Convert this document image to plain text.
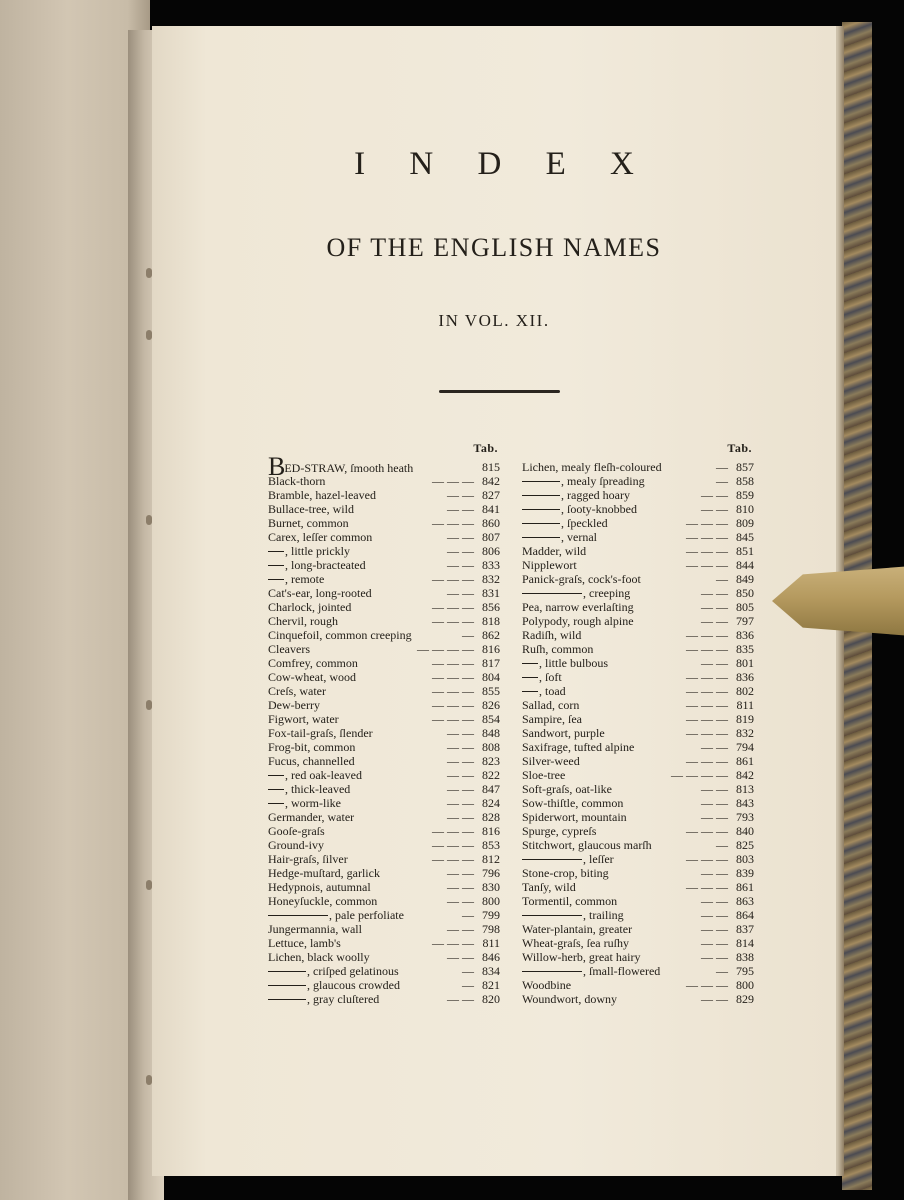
I N D E X
OF THE ENGLISH NAMES
IN VOL. XII.
Tab.
BED-STRAW, ſmooth heath	815
Black-thorn	— — — 842
Bramble, hazel-leaved	— — 827
Bullace-tree, wild	— — 841
Burnet, common	— — — 860
Carex, leſſer common	— — 807
, little prickly	— — 806
, long-bracteated	— — 833
, remote	— — — 832
Cat's-ear, long-rooted	— — 831
Charlock, jointed	— — — 856
Chervil, rough	— — — 818
Cinquefoil, common creeping	— 862
Cleavers	— — — — 816
Comfrey, common	— — — 817
Cow-wheat, wood	— — — 804
Creſs, water	— — — 855
Dew-berry	— — — 826
Figwort, water	— — — 854
Fox-tail-graſs, ſlender	— — 848
Frog-bit, common	— — 808
Fucus, channelled	— — 823
, red oak-leaved	— — 822
, thick-leaved	— — 847
, worm-like	— — 824
Germander, water	— — 828
Gooſe-graſs	— — — 816
Ground-ivy	— — — 853
Hair-graſs, ſilver	— — — 812
Hedge-muſtard, garlick	— — 796
Hedypnois, autumnal	— — 830
Honeyſuckle, common	— — 800
, pale perfoliate	— 799
Jungermannia, wall	— — 798
Lettuce, lamb's	— — — 811
Lichen, black woolly	— — 846
, criſped gelatinous	— 834
, glaucous crowded	— 821
, gray cluſtered	— — 820
Tab.
Lichen, mealy fleſh-coloured	— 857
, mealy ſpreading	— 858
, ragged hoary	— — 859
, ſooty-knobbed	— — 810
, ſpeckled	— — — 809
, vernal	— — — 845
Madder, wild	— — — 851
Nipplewort	— — — 844
Panick-graſs, cock's-foot	— 849
, creeping	— — 850
Pea, narrow everlaſting	— — 805
Polypody, rough alpine	— — 797
Radiſh, wild	— — — 836
Ruſh, common	— — — 835
, little bulbous	— — 801
, ſoft	— — — 836
, toad	— — — 802
Sallad, corn	— — — 811
Sampire, ſea	— — — 819
Sandwort, purple	— — — 832
Saxifrage, tufted alpine	— — 794
Silver-weed	— — — 861
Sloe-tree	— — — — 842
Soft-graſs, oat-like	— — 813
Sow-thiſtle, common	— — 843
Spiderwort, mountain	— — 793
Spurge, cypreſs	— — — 840
Stitchwort, glaucous marſh	— 825
, leſſer	— — — 803
Stone-crop, biting	— — 839
Tanſy, wild	— — — 861
Tormentil, common	— — 863
, trailing	— — 864
Water-plantain, greater	— — 837
Wheat-graſs, ſea ruſhy	— — 814
Willow-herb, great hairy	— — 838
, ſmall-flowered	— 795
Woodbine	— — — 800
Woundwort, downy	— — 829
